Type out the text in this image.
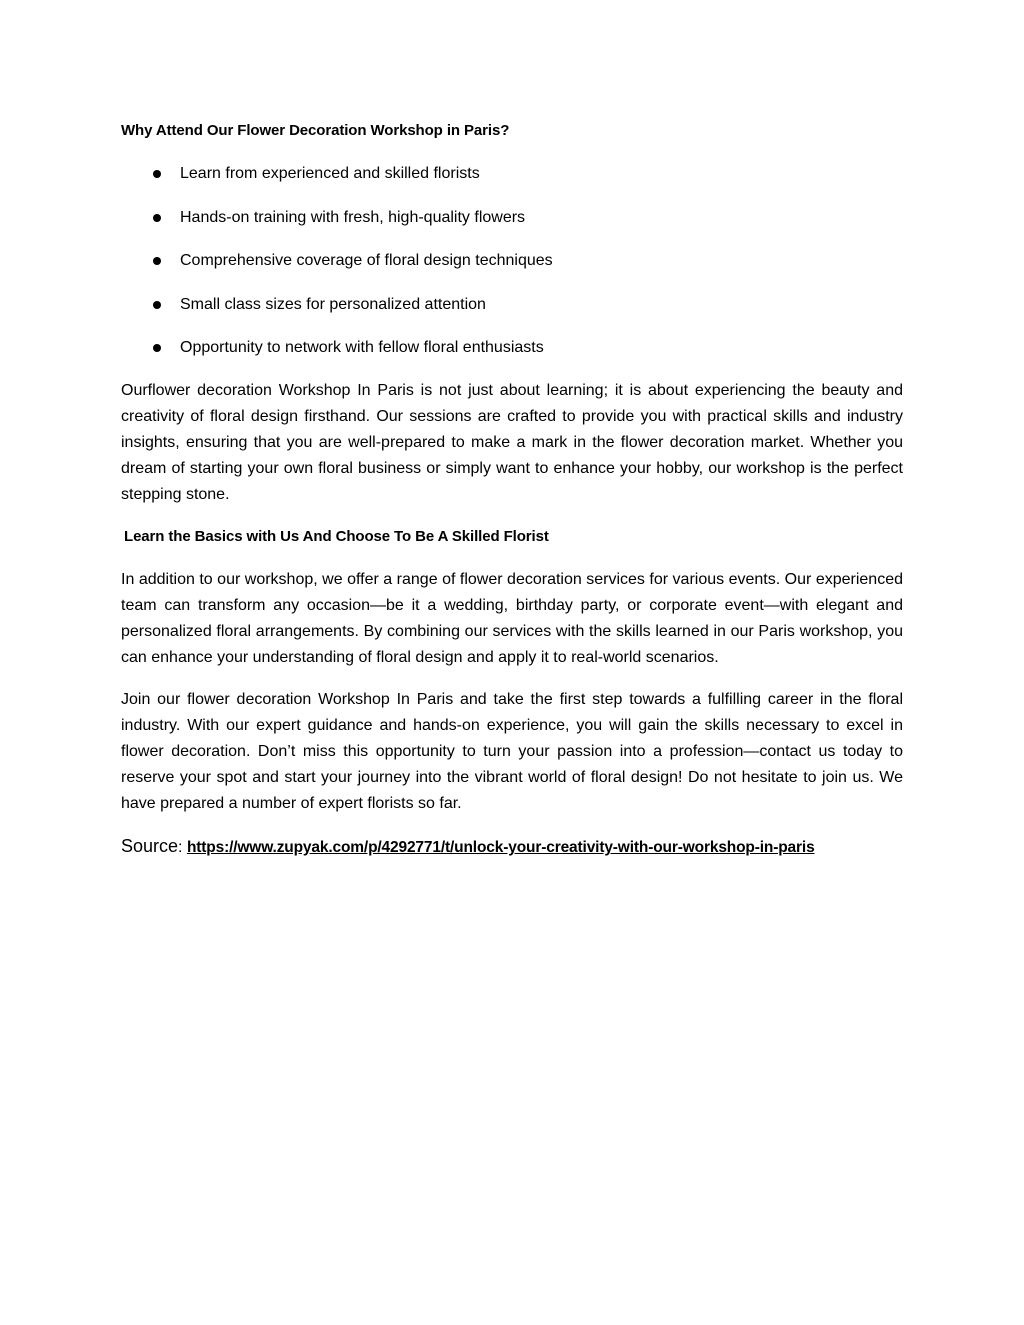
Why Attend Our Flower Decoration Workshop in Paris?
Learn from experienced and skilled florists
Hands-on training with fresh, high-quality flowers
Comprehensive coverage of floral design techniques
Small class sizes for personalized attention
Opportunity to network with fellow floral enthusiasts

Ourflower decoration Workshop In Paris is not just about learning; it is about experiencing the beauty and creativity of floral design firsthand. Our sessions are crafted to provide you with practical skills and industry insights, ensuring that you are well-prepared to make a mark in the flower decoration market. Whether you dream of starting your own floral business or simply want to enhance your hobby, our workshop is the perfect stepping stone.

Learn the Basics with Us And Choose To Be A Skilled Florist

In addition to our workshop, we offer a range of flower decoration services for various events. Our experienced team can transform any occasion—be it a wedding, birthday party, or corporate event—with elegant and personalized floral arrangements. By combining our services with the skills learned in our Paris workshop, you can enhance your understanding of floral design and apply it to real-world scenarios.

Join our flower decoration Workshop In Paris and take the first step towards a fulfilling career in the floral industry. With our expert guidance and hands-on experience, you will gain the skills necessary to excel in flower decoration. Don’t miss this opportunity to turn your passion into a profession—contact us today to reserve your spot and start your journey into the vibrant world of floral design! Do not hesitate to join us. We have prepared a number of expert florists so far.

Source: https://www.zupyak.com/p/4292771/t/unlock-your-creativity-with-our-workshop-in-paris
